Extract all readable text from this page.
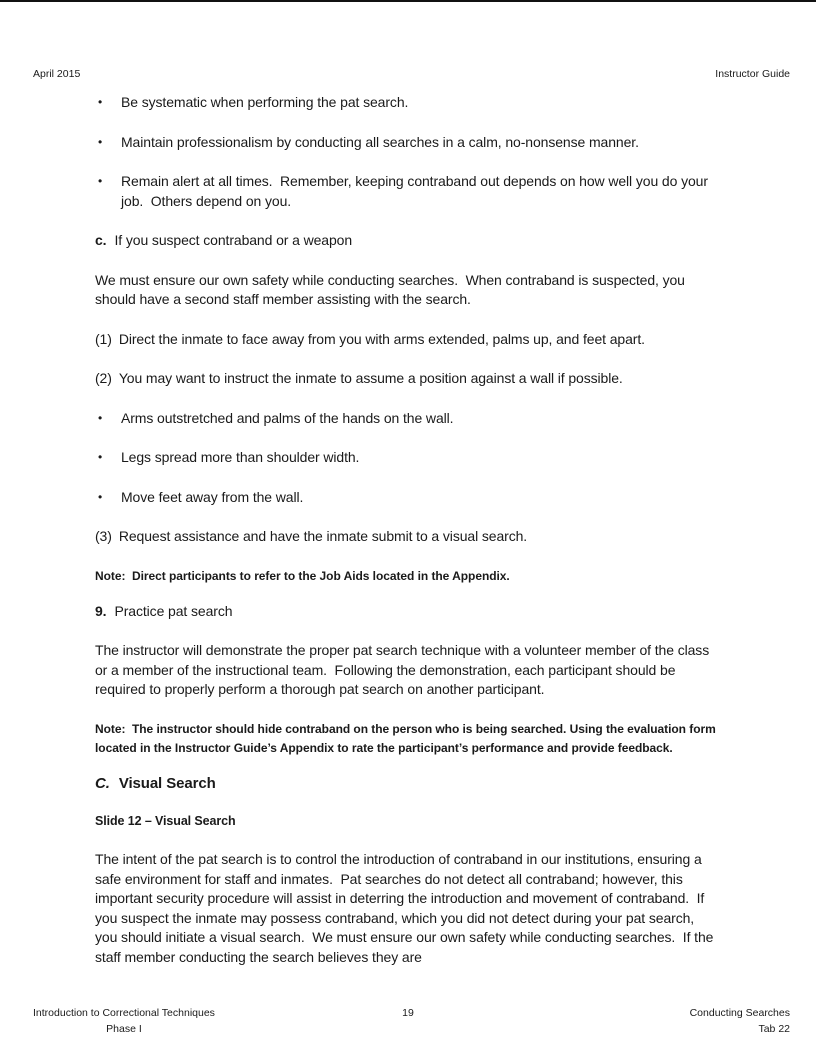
April 2015	Instructor Guide
•	Be systematic when performing the pat search.
•	Maintain professionalism by conducting all searches in a calm, no-nonsense manner.
•	Remain alert at all times.  Remember, keeping contraband out depends on how well you do your job.  Others depend on you.

c. If you suspect contraband or a weapon

We must ensure our own safety while conducting searches.  When contraband is suspected, you should have a second staff member assisting with the search.

(1) Direct the inmate to face away from you with arms extended, palms up, and feet apart.

(2) You may want to instruct the inmate to assume a position against a wall if possible.

•	Arms outstretched and palms of the hands on the wall.
•	Legs spread more than shoulder width.
•	Move feet away from the wall.

(3) Request assistance and have the inmate submit to a visual search.

Note:  Direct participants to refer to the Job Aids located in the Appendix.

9. Practice pat search

The instructor will demonstrate the proper pat search technique with a volunteer member of the class or a member of the instructional team.  Following the demonstration, each participant should be required to properly perform a thorough pat search on another participant.

Note:  The instructor should hide contraband on the person who is being searched. Using the evaluation form located in the Instructor Guide’s Appendix to rate the participant’s performance and provide feedback.

C. Visual Search

Slide 12 – Visual Search

The intent of the pat search is to control the introduction of contraband in our institutions, ensuring a safe environment for staff and inmates.  Pat searches do not detect all contraband; however, this important security procedure will assist in deterring the introduction and movement of contraband.  If you suspect the inmate may possess contraband, which you did not detect during your pat search, you should initiate a visual search.  We must ensure our own safety while conducting searches.  If the staff member conducting the search believes they are

Introduction to Correctional Techniques
Phase I
19	Conducting Searches
Tab 22
